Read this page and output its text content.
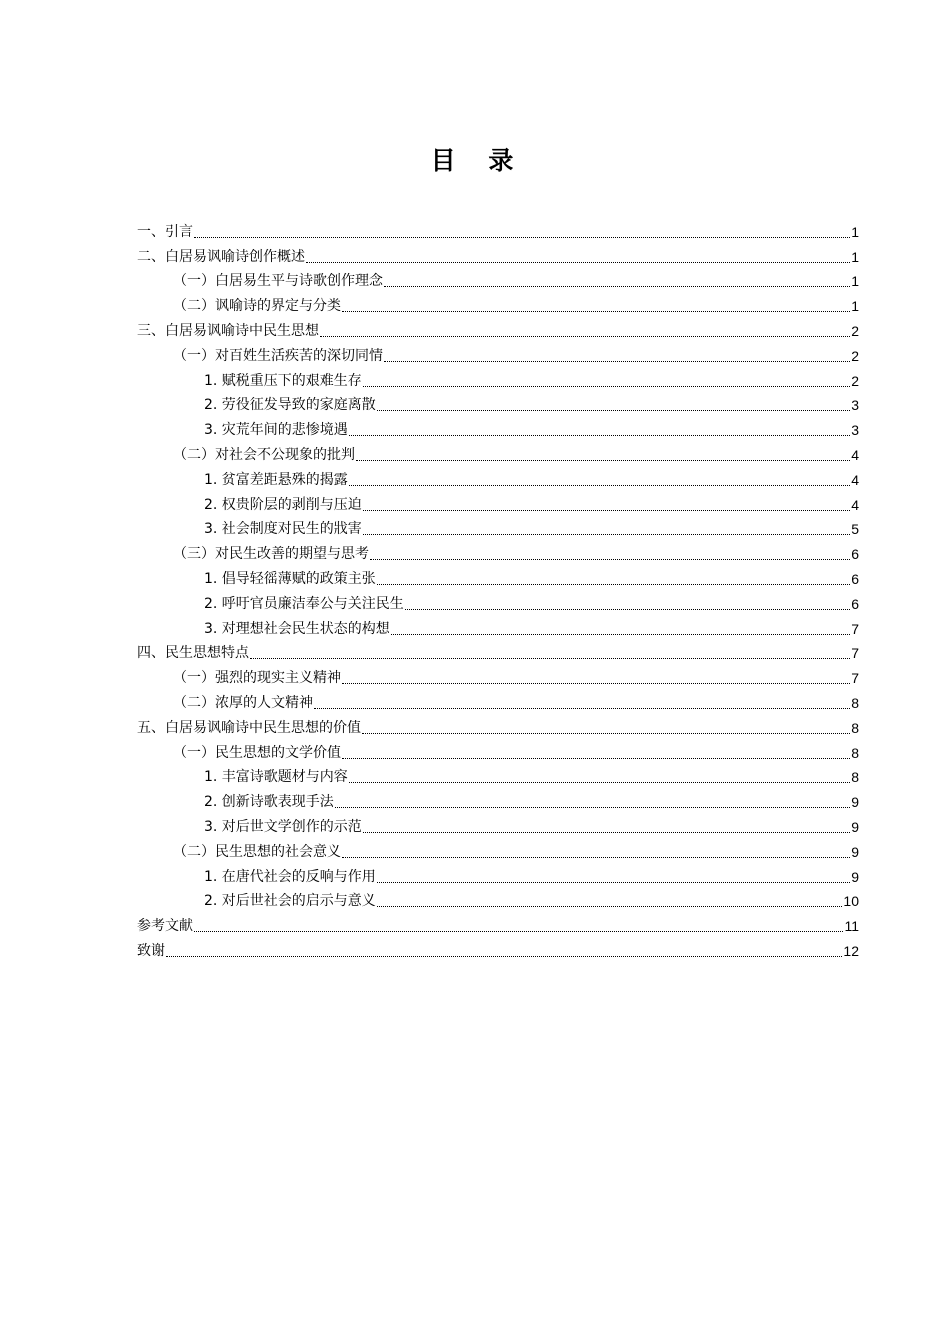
目 录
一、引言	1
二、白居易讽喻诗创作概述	1
（一）白居易生平与诗歌创作理念	1
（二）讽喻诗的界定与分类	1
三、白居易讽喻诗中民生思想	2
（一）对百姓生活疾苦的深切同情	2
1. 赋税重压下的艰难生存	2
2. 劳役征发导致的家庭离散	3
3. 灾荒年间的悲惨境遇	3
（二）对社会不公现象的批判	4
1. 贫富差距悬殊的揭露	4
2. 权贵阶层的剥削与压迫	4
3. 社会制度对民生的戕害	5
（三）对民生改善的期望与思考	6
1. 倡导轻徭薄赋的政策主张	6
2. 呼吁官员廉洁奉公与关注民生	6
3. 对理想社会民生状态的构想	7
四、民生思想特点	7
（一）强烈的现实主义精神	7
（二）浓厚的人文精神	8
五、白居易讽喻诗中民生思想的价值	8
（一）民生思想的文学价值	8
1. 丰富诗歌题材与内容	8
2. 创新诗歌表现手法	9
3. 对后世文学创作的示范	9
（二）民生思想的社会意义	9
1. 在唐代社会的反响与作用	9
2. 对后世社会的启示与意义	10
参考文献	11
致谢	12
